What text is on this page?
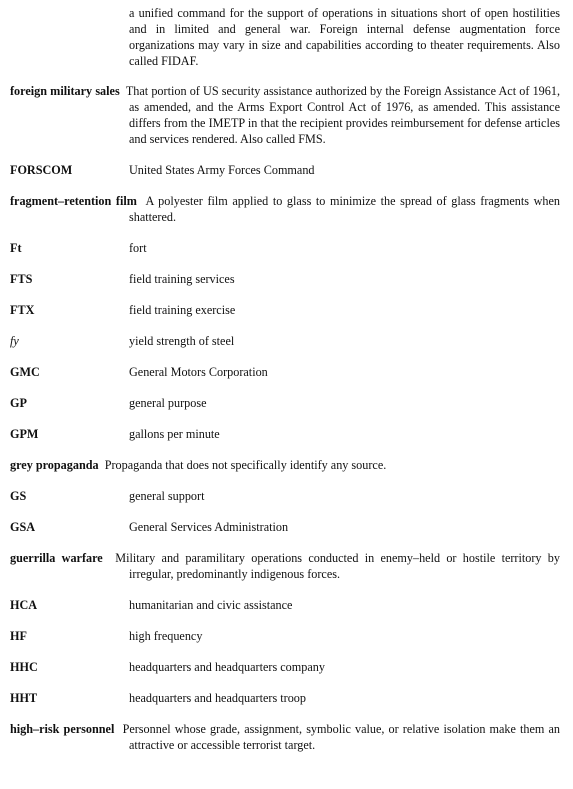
a unified command for the support of operations in situations short of open hostilities and in limited and general war. Foreign internal defense augmentation force organizations may vary in size and capabilities according to theater requirements. Also called FIDAF.
foreign military sales That portion of US security assistance authorized by the Foreign Assistance Act of 1961, as amended, and the Arms Export Control Act of 1976, as amended. This assistance differs from the IMETP in that the recipient provides reimbursement for defense articles and services rendered. Also called FMS.
FORSCOM	United States Army Forces Command
fragment–retention film A polyester film applied to glass to minimize the spread of glass fragments when shattered.
Ft	fort
FTS	field training services
FTX	field training exercise
fy	yield strength of steel
GMC	General Motors Corporation
GP	general purpose
GPM	gallons per minute
grey propaganda Propaganda that does not specifically identify any source.
GS	general support
GSA	General Services Administration
guerrilla warfare Military and paramilitary operations conducted in enemy–held or hostile territory by irregular, predominantly indigenous forces.
HCA	humanitarian and civic assistance
HF	high frequency
HHC	headquarters and headquarters company
HHT	headquarters and headquarters troop
high–risk personnel Personnel whose grade, assignment, symbolic value, or relative isolation make them an attractive or accessible terrorist target.
